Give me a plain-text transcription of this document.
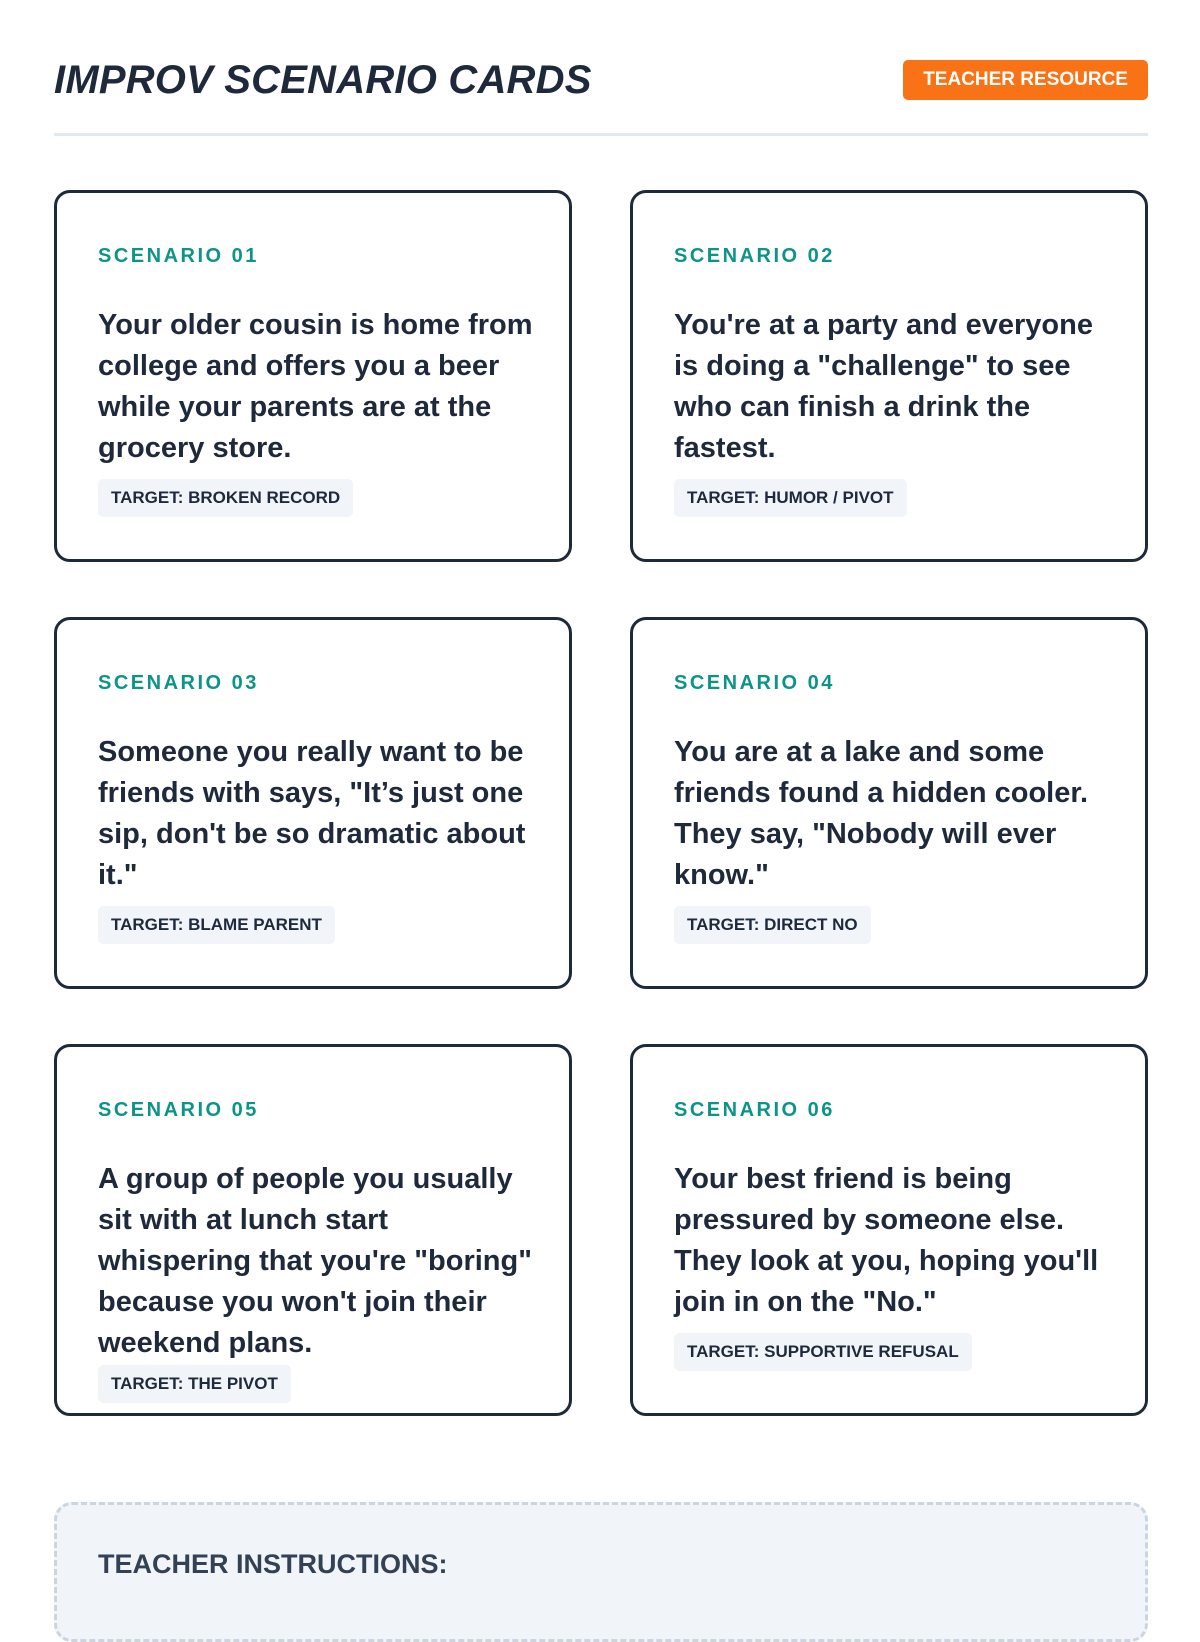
IMPROV SCENARIO CARDS	TEACHER RESOURCE
SCENARIO 01
Your older cousin is home from college and offers you a beer while your parents are at the grocery store.
TARGET: BROKEN RECORD
SCENARIO 02
You're at a party and everyone is doing a "challenge" to see who can finish a drink the fastest.
TARGET: HUMOR / PIVOT
SCENARIO 03
Someone you really want to be friends with says, "It’s just one sip, don't be so dramatic about it."
TARGET: BLAME PARENT
SCENARIO 04
You are at a lake and some friends found a hidden cooler. They say, "Nobody will ever know."
TARGET: DIRECT NO
SCENARIO 05
A group of people you usually sit with at lunch start whispering that you're "boring" because you won't join their weekend plans.
TARGET: THE PIVOT
SCENARIO 06
Your best friend is being pressured by someone else. They look at you, hoping you'll join in on the "No."
TARGET: SUPPORTIVE REFUSAL
TEACHER INSTRUCTIONS:
